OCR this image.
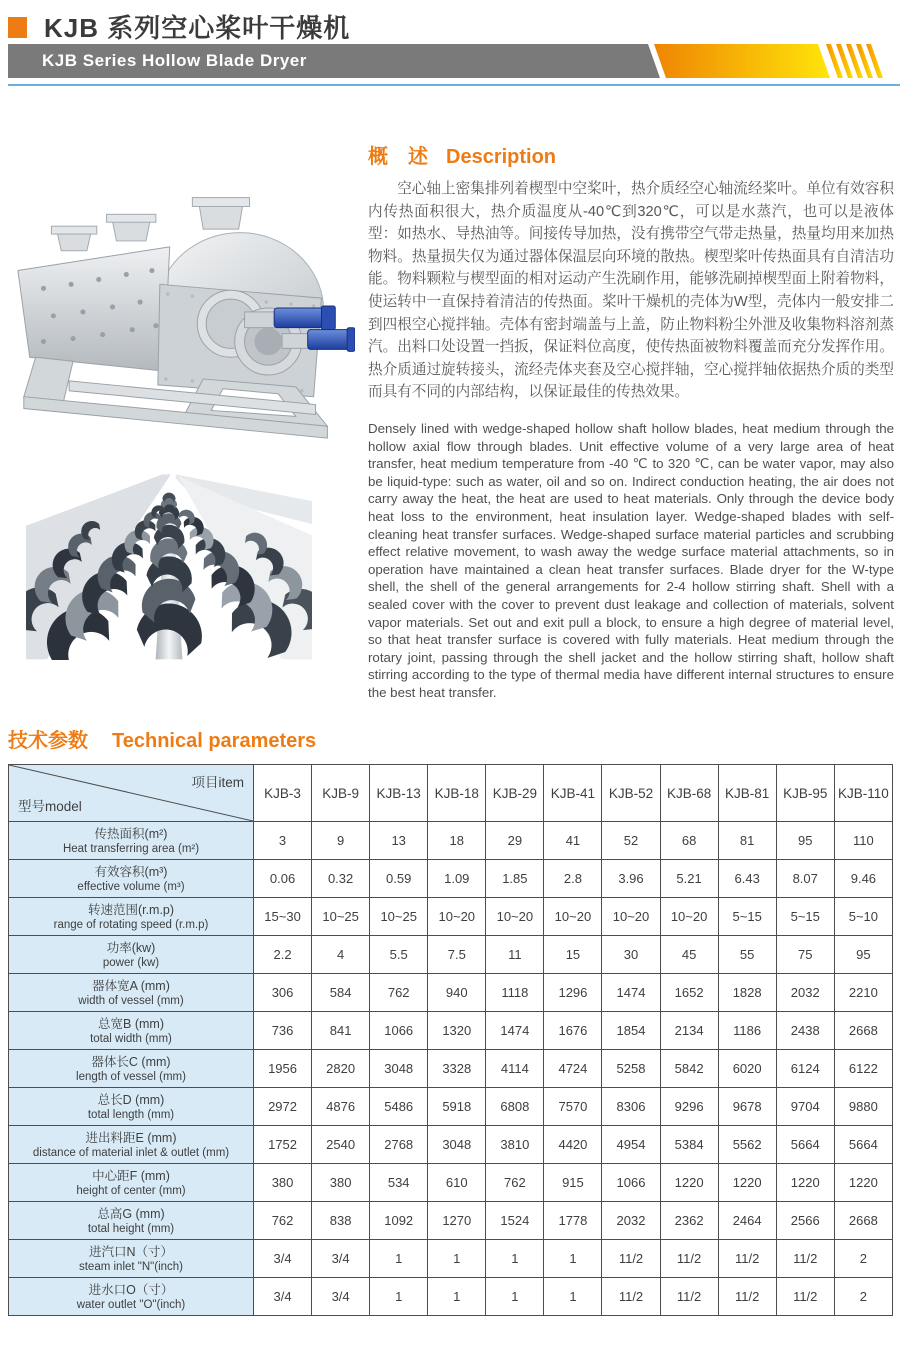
KJB 系列空心桨叶干燥机
KJB Series Hollow Blade Dryer
概　述 Description
空心轴上密集排列着楔型中空桨叶，热介质经空心轴流经桨叶。单位有效容积内传热面积很大，热介质温度从-40℃到320℃，可以是水蒸汽，也可以是液体型：如热水、导热油等。间接传导加热，没有携带空气带走热量，热量均用来加热物料。热量损失仅为通过器体保温层向环境的散热。楔型桨叶传热面具有自清洁功能。物料颗粒与楔型面的相对运动产生洗刷作用，能够洗刷掉楔型面上附着物料，使运转中一直保持着清洁的传热面。桨叶干燥机的壳体为W型，壳体内一般安排二到四根空心搅拌轴。壳体有密封端盖与上盖，防止物料粉尘外泄及收集物料溶剂蒸汽。出料口处设置一挡扳，保证料位高度，使传热面被物料覆盖而充分发挥作用。热介质通过旋转接头，流经壳体夹套及空心搅拌轴，空心搅拌轴依据热介质的类型而具有不同的内部结构，以保证最佳的传热效果。
Densely lined with wedge-shaped hollow shaft hollow blades, heat medium through the hollow axial flow through blades. Unit effective volume of a very large area of heat transfer, heat medium temperature from -40 ℃ to 320 ℃, can be water vapor, may also be liquid-type: such as water, oil and so on. Indirect conduction heating, the air does not carry away the heat, the heat are used to heat materials. Only through the device body heat loss to the environment, heat insulation layer. Wedge-shaped blades with self-cleaning heat transfer surfaces. Wedge-shaped surface material particles and scrubbing effect relative movement, to wash away the wedge surface material attachments, so in operation have maintained a clean heat transfer surfaces. Blade dryer for the W-type shell, the shell of the general arrangements for 2-4 hollow stirring shaft. Shell with a sealed cover with the cover to prevent dust leakage and collection of materials, solvent vapor materials. Set out and exit pull a block, to ensure a high degree of material level, so that heat transfer surface is covered with fully materials. Heat medium through the rotary joint, passing through the shell jacket and the hollow stirring shaft, hollow shaft stirring according to the type of thermal media have different internal structures to ensure the best heat transfer.
技术参数 Technical parameters
项目item
型号model	KJB-3	KJB-9	KJB-13	KJB-18	KJB-29	KJB-41	KJB-52	KJB-68	KJB-81	KJB-95	KJB-110

传热面积(m²)
Heat transferring area (m²)	3	9	13	18	29	41	52	68	81	95	110

有效容积(m³)
effective volume (m³)	0.06	0.32	0.59	1.09	1.85	2.8	3.96	5.21	6.43	8.07	9.46

转速范围(r.m.p)
range of rotating speed (r.m.p)	15~30	10~25	10~25	10~20	10~20	10~20	10~20	10~20	5~15	5~15	5~10

功率(kw)
power (kw)	2.2	4	5.5	7.5	11	15	30	45	55	75	95

器体宽A (mm)
width of vessel (mm)	306	584	762	940	1118	1296	1474	1652	1828	2032	2210

总宽B (mm)
total width (mm)	736	841	1066	1320	1474	1676	1854	2134	1186	2438	2668

器体长C (mm)
length of vessel (mm)	1956	2820	3048	3328	4114	4724	5258	5842	6020	6124	6122

总长D (mm)
total length (mm)	2972	4876	5486	5918	6808	7570	8306	9296	9678	9704	9880

进出料距E (mm)
distance of material inlet & outlet (mm)	1752	2540	2768	3048	3810	4420	4954	5384	5562	5664	5664

中心距F (mm)
height of center (mm)	380	380	534	610	762	915	1066	1220	1220	1220	1220

总高G (mm)
total height (mm)	762	838	1092	1270	1524	1778	2032	2362	2464	2566	2668

进汽口N（寸）
steam inlet "N"(inch)	3/4	3/4	1	1	1	1	11/2	11/2	11/2	11/2	2

进水口O（寸）
water outlet "O"(inch)	3/4	3/4	1	1	1	1	11/2	11/2	11/2	11/2	2
